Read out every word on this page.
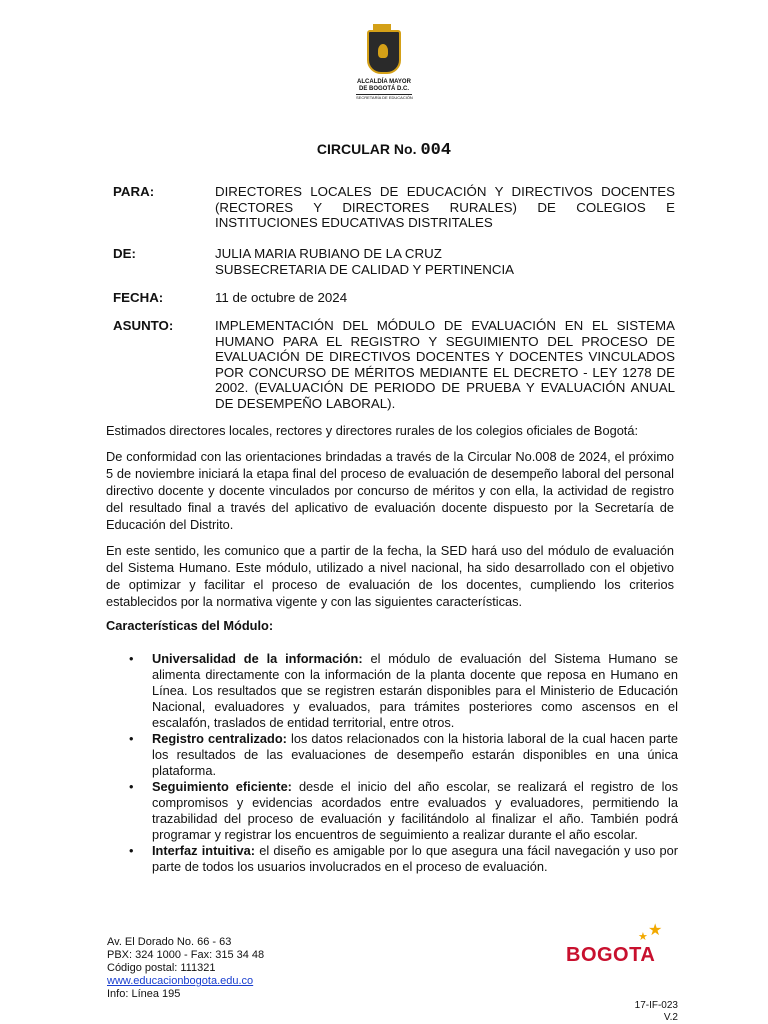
ALCALDÍA MAYOR
DE BOGOTÁ D.C.
SECRETARÍA DE EDUCACIÓN
CIRCULAR No. 004
PARA:	DIRECTORES LOCALES DE EDUCACIÓN Y DIRECTIVOS DOCENTES (RECTORES Y DIRECTORES RURALES) DE COLEGIOS E INSTITUCIONES EDUCATIVAS DISTRITALES
DE:	JULIA MARIA RUBIANO DE LA CRUZ
SUBSECRETARIA DE CALIDAD Y PERTINENCIA
FECHA:	11 de octubre de 2024
ASUNTO:	IMPLEMENTACIÓN DEL MÓDULO DE EVALUACIÓN EN EL SISTEMA HUMANO PARA EL REGISTRO Y SEGUIMIENTO DEL PROCESO DE EVALUACIÓN DE DIRECTIVOS DOCENTES Y DOCENTES VINCULADOS POR CONCURSO DE MÉRITOS MEDIANTE EL DECRETO - LEY 1278 DE 2002. (EVALUACIÓN DE PERIODO DE PRUEBA Y EVALUACIÓN ANUAL DE DESEMPEÑO LABORAL).
Estimados directores locales, rectores y directores rurales de los colegios oficiales de Bogotá:
De conformidad con las orientaciones brindadas a través de la Circular No.008 de 2024, el próximo 5 de noviembre iniciará la etapa final del proceso de evaluación de desempeño laboral del personal directivo docente y docente vinculados por concurso de méritos y con ella, la actividad de registro del resultado final a través del aplicativo de evaluación docente dispuesto por la Secretaría de Educación del Distrito.
En este sentido, les comunico que a partir de la fecha, la SED hará uso del módulo de evaluación del Sistema Humano. Este módulo, utilizado a nivel nacional, ha sido desarrollado con el objetivo de optimizar y facilitar el proceso de evaluación de los docentes, cumpliendo los criterios establecidos por la normativa vigente y con las siguientes características.
Características del Módulo:
• Universalidad de la información: el módulo de evaluación del Sistema Humano se alimenta directamente con la información de la planta docente que reposa en Humano en Línea. Los resultados que se registren estarán disponibles para el Ministerio de Educación Nacional, evaluadores y evaluados, para trámites posteriores como ascensos en el escalafón, traslados de entidad territorial, entre otros.
• Registro centralizado: los datos relacionados con la historia laboral de la cual hacen parte los resultados de las evaluaciones de desempeño estarán disponibles en una única plataforma.
• Seguimiento eficiente: desde el inicio del año escolar, se realizará el registro de los compromisos y evidencias acordados entre evaluados y evaluadores, permitiendo la trazabilidad del proceso de evaluación y facilitándolo al finalizar el año. También podrá programar y registrar los encuentros de seguimiento a realizar durante el año escolar.
• Interfaz intuitiva: el diseño es amigable por lo que asegura una fácil navegación y uso por parte de todos los usuarios involucrados en el proceso de evaluación.
Av. El Dorado No. 66 - 63
PBX: 324 1000 - Fax: 315 34 48
Código postal: 111321
www.educacionbogota.edu.co
Info: Línea 195
★
★
BOGOTA
17-IF-023
V.2
